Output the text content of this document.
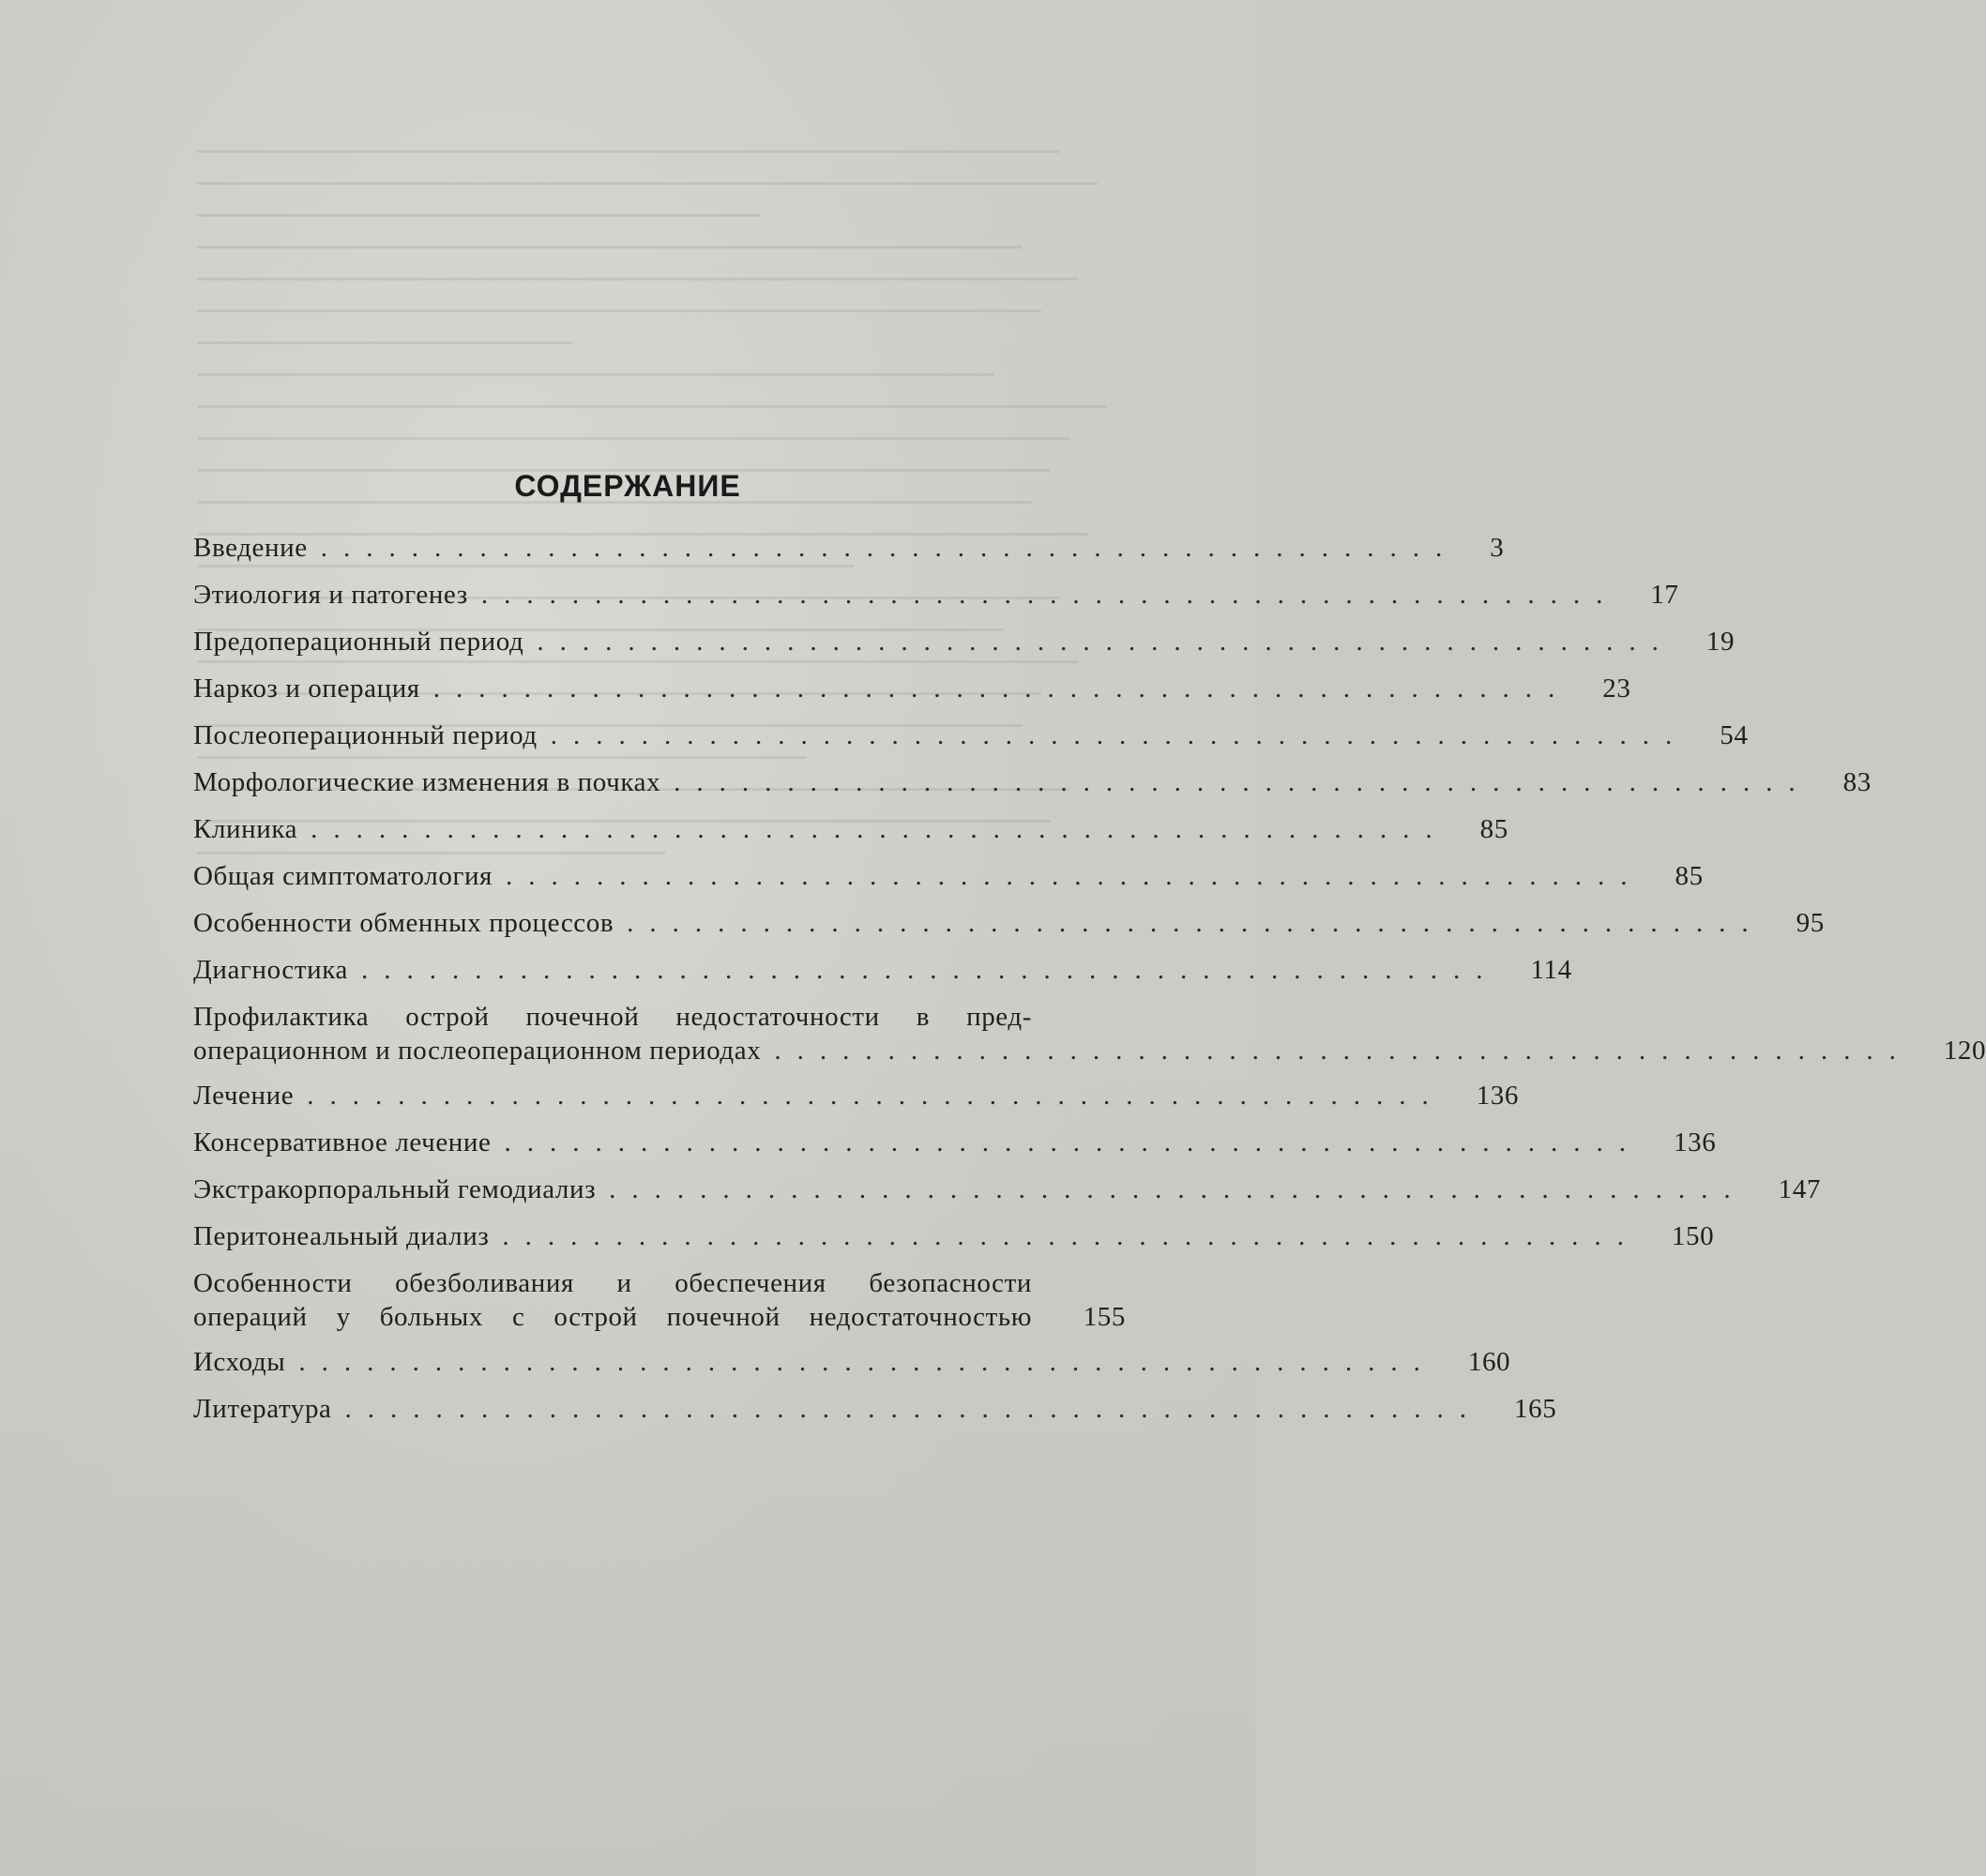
СОДЕРЖАНИЕ
Введение .................................................. 3
Этиология и патогенез .................................................. 17
Предоперационный период .................................................. 19
Наркоз и операция .................................................. 23
Послеоперационный период .................................................. 54
Морфологические изменения в почках .................................................. 83
Клиника .................................................. 85
Общая симптоматология .................................................. 85
Особенности обменных процессов .................................................. 95
Диагностика .................................................. 114
Профилактика острой почечной недостаточности в пред-
операционном и послеоперационном периодах .................................................. 120
Лечение .................................................. 136
Консервативное лечение .................................................. 136
Экстракорпоральный гемодиализ .................................................. 147
Перитонеальный диализ .................................................. 150
Особенности обезболивания и обеспечения безопасности
операций у больных с острой почечной недостаточностью	155
Исходы .................................................. 160
Литература .................................................. 165
